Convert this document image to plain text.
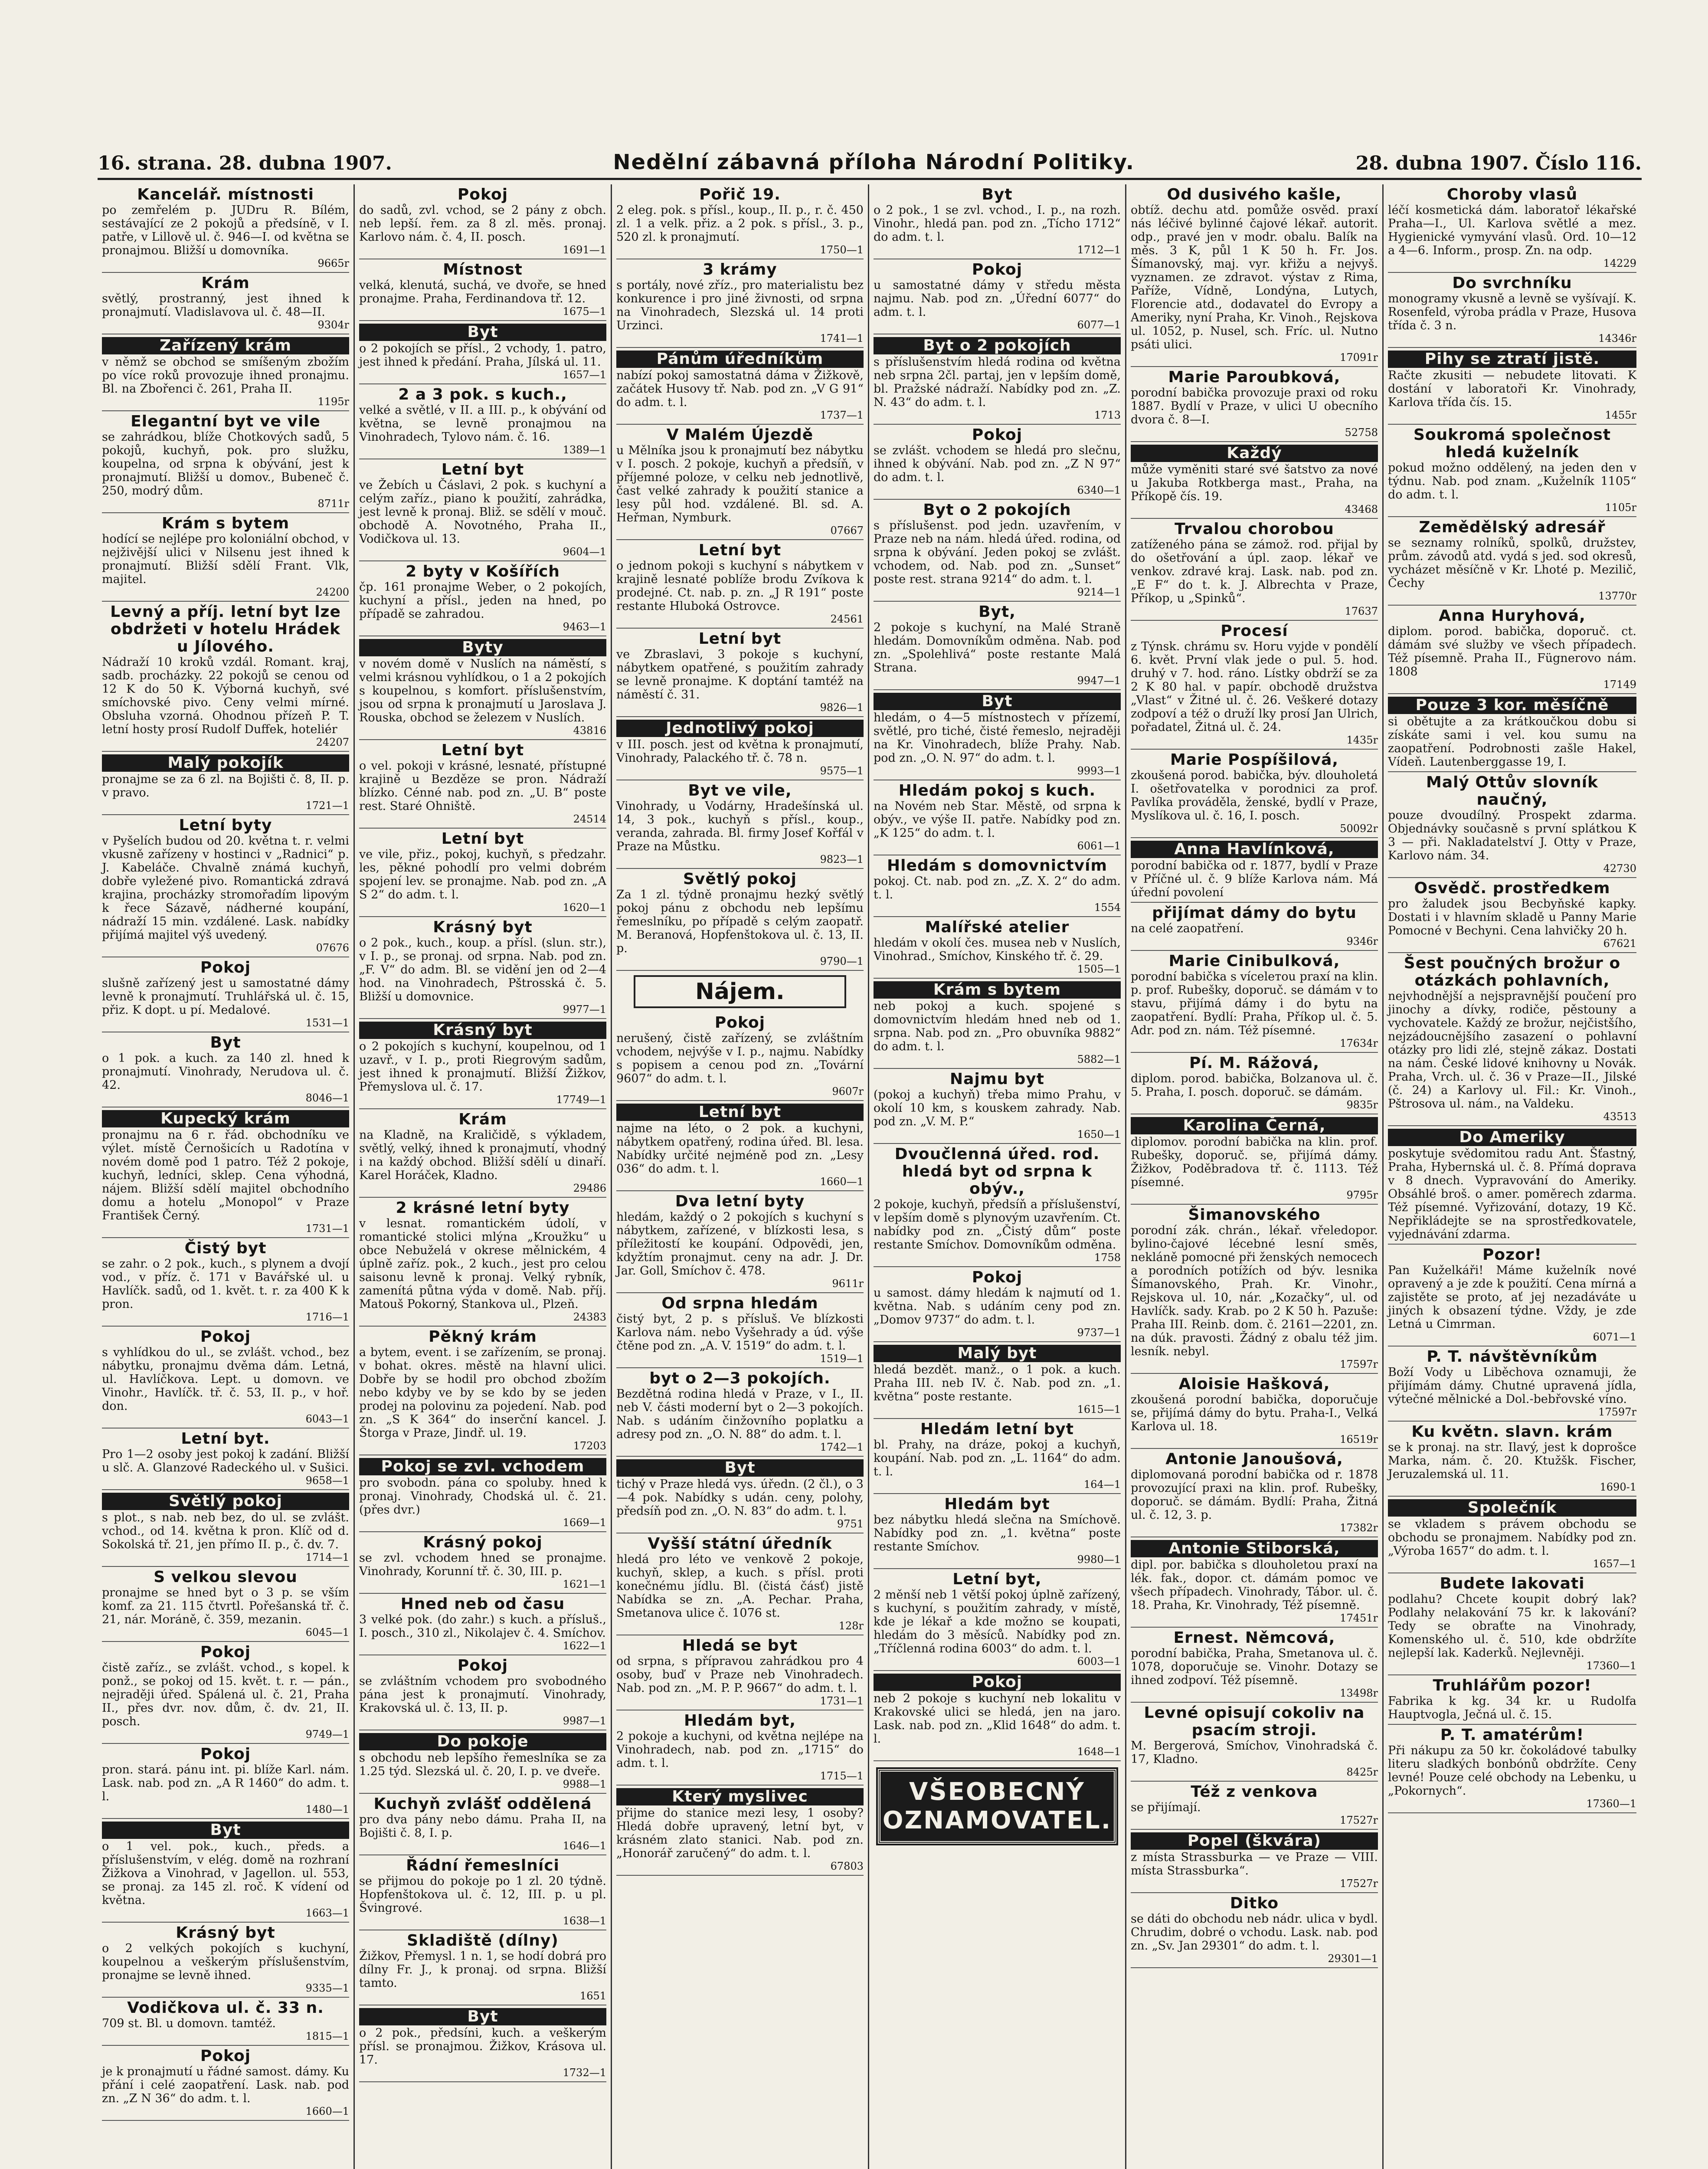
16. strana. 28. dubna 1907.	Nedělní zábavná příloha Národní Politiky.	28. dubna 1907. Číslo 116.
Kancelář. místnosti

po zemřelém p. JUDru R. Bílém, sestávající ze 2 pokojů a předsíně, v I. patře, v Lillově ul. č. 946—I. od května se pronajmou. Bližší u domovníka.

9665r

Krám

světlý, prostranný, jest ihned k pronajmutí. Vladislavova ul. č. 48—II.

9304r

Zařízený krám

v němž se obchod se smíšeným zbožím po více roků provozuje ihned pronajmu. Bl. na Zbořenci č. 261, Praha II.

1195r

Elegantní byt ve vile

se zahrádkou, blíže Chotkových sadů, 5 pokojů, kuchyň, pok. pro služku, koupelna, od srpna k obývání, jest k pronajmutí. Bližší u domov., Bubeneč č. 250, modrý dům.

8711r

Krám s bytem

hodící se nejlépe pro koloniální obchod, v nejživější ulici v Nilsenu jest ihned k pronajmutí. Bližší sdělí Frant. Vlk, majitel.

24200

Levný a příj. letní byt lze obdržeti v hotelu Hrádek u Jílového.

Nádraží 10 kroků vzdál. Romant. kraj, sadb. procházky. 22 pokojů se cenou od 12 K do 50 K. Výborná kuchyň, své smíchovské pivo. Ceny velmi mírné. Obsluha vzorná. Ohodnou přízeň P. T. letní hosty prosí Rudolf Duffek, hoteliér

24207

Malý pokojík

pronajme se za 6 zl. na Bojišti č. 8, II. p. v pravo.

1721—1

Letní byty

v Pyšelích budou od 20. května t. r. velmi vkusně zařízeny v hostinci v „Radnici“ p. J. Kabeláče. Chvalně známá kuchyň, dobře vyležené pivo. Romantická zdravá krajina, procházky stromořadím lipovým k řece Sázavě, nádherné koupání, nádraží 15 min. vzdálené. Lask. nabídky přijímá majitel výš uvedený.

07676

Pokoj

slušně zařízený jest u samostatné dámy levně k pronajmutí. Truhlářská ul. č. 15, přiz. K dopt. u pí. Medalové.

1531—1

Byt

o 1 pok. a kuch. za 140 zl. hned k pronajmutí. Vinohrady, Nerudova ul. č. 42.

8046—1

Kupecký krám

pronajmu na 6 r. řád. obchodníku ve výlet. místě Černošicích u Radotína v novém domě pod 1 patro. Též 2 pokoje, kuchyň, ledníci, sklep. Cena výhodná, nájem. Bližší sdělí majitel obchodního domu a hotelu „Monopol“ v Praze František Černý.

1731—1

Čistý byt

se zahr. o 2 pok., kuch., s plynem a dvojí vod., v příz. č. 171 v Bavářské ul. u Havlíčk. sadů, od 1. květ. t. r. za 400 K k pron.

1716—1

Pokoj

s vyhlídkou do ul., se zvlášt. vchod., bez nábytku, pronajmu dvěma dám. Letná, ul. Havlíčkova. Lept. u domovn. ve Vinohr., Havlíčk. tř. č. 53, II. p., v hoř. don.

6043—1

Letní byt.

Pro 1—2 osoby jest pokoj k zadání. Bližší u slč. A. Glanzové Radeckého ul. v Sušici.

9658—1

Světlý pokoj

s plot., s nab. neb bez, do ul. se zvlášt. vchod., od 14. května k pron. Klíč od d. Sokolská tř. 21, jen přímo II. p., č. dv. 7.

1714—1

S velkou slevou

pronajme se hned byt o 3 p. se vším komf. za 21. 115 čtvrtl. Pořešanská tř. č. 21, nár. Moráně, č. 359, mezanin.

6045—1

Pokoj

čistě zaříz., se zvlášt. vchod., s kopel. k ponž., se pokoj od 15. květ. t. r. — pán., nejraději úřed. Spálená ul. č. 21, Praha II., přes dvr. nov. dům, č. dv. 21, II. posch.

9749—1

Pokoj

pron. stará. pánu int. pi. blíže Karl. nám. Lask. nab. pod zn. „A R 1460“ do adm. t. l.

1480—1

Byt

o 1 vel. pok., kuch., předs. a příslušenstvím, v elég. domě na rozhraní Žižkova a Vinohrad, v Jagellon. ul. 553, se pronaj. za 145 zl. roč. K vídení od května.

1663—1

Krásný byt

o 2 velkých pokojích s kuchyní, koupelnou a veškerým příslušenstvím, pronajme se levně ihned.

9335—1

Vodičkova ul. č. 33 n.

709 st. Bl. u domovn. tamtéž.

1815—1

Pokoj

je k pronajmutí u řádné samost. dámy. Ku přání i celé zaopatření. Lask. nab. pod zn. „Z N 36“ do adm. t. l.

1660—1

Pokoj

do sadů, zvl. vchod, se 2 pány z obch. neb lepší. řem. za 8 zl. měs. pronaj. Karlovo nám. č. 4, II. posch.

1691—1

Místnost

velká, klenutá, suchá, ve dvoře, se hned pronajme. Praha, Ferdinandova tř. 12.

1675—1

Byt

o 2 pokojích se přísl., 2 vchody, 1. patro, jest ihned k předání. Praha, Jílská ul. 11.

1657—1

2 a 3 pok. s kuch.,

velké a světlé, v II. a III. p., k obývání od května, se levně pronajmou na Vinohradech, Tylovo nám. č. 16.

1389—1

Letní byt

ve Žebích u Čáslavi, 2 pok. s kuchyní a celým zaříz., piano k použití, zahrádka, jest levně k pronaj. Bliž. se sdělí v mouč. obchodě A. Novotného, Praha II., Vodičkova ul. 13.

9604—1

2 byty v Košířích

čp. 161 pronajme Weber, o 2 pokojích, kuchyní a přísl., jeden na hned, po případě se zahradou.

9463—1

Byty

v novém domě v Nuslích na náměstí, s velmi krásnou vyhlídkou, o 1 a 2 pokojích s koupelnou, s komfort. příslušenstvím, jsou od srpna k pronajmutí u Jaroslava J. Rouska, obchod se železem v Nuslích.

43816

Letní byt

o vel. pokoji v krásné, lesnaté, přístupné krajině u Bezděze se pron. Nádraží blízko. Cénné nab. pod zn. „U. B“ poste rest. Staré Ohniště.

24514

Letní byt

ve vile, přiz., pokoj, kuchyň, s předzahr. les, pěkné pohodlí pro velmi dobrém spojení lev. se pronajme. Nab. pod zn. „A S 2“ do adm. t. l.

1620—1

Krásný byt

o 2 pok., kuch., koup. a přísl. (slun. str.), v I. p., se pronaj. od srpna. Nab. pod zn. „F. V“ do adm. Bl. se vidění jen od 2—4 hod. na Vinohradech, Pštrosská č. 5. Bližší u domovnice.

9977—1

Krásný byt

o 2 pokojích s kuchyní, koupelnou, od 1 uzavř., v I. p., proti Riegrovým sadům, jest ihned k pronajmutí. Bližší Žižkov, Přemyslova ul. č. 17.

17749—1

Krám

na Kladně, na Kraličidě, s výkladem, světlý, velký, ihned k pronajmutí, vhodný i na každý obchod. Bližší sdělí u dinaří. Karel Horáček, Kladno.

29486

2 krásné letní byty

v lesnat. romantickém údolí, v romantické stolici mlýna „Kroužku“ u obce Nebuželá v okrese mělnickém, 4 úplně zaříz. pok., 2 kuch., jest pro celou saisonu levně k pronaj. Velký rybník, zamenítá půtna výda v domě. Nab. příj. Matouš Pokorný, Stankova ul., Plzeň.

24383

Pěkný krám

a bytem, event. i se zařízením, se pronaj. v bohat. okres. městě na hlavní ulici. Dobře by se hodil pro obchod zbožím nebo kdyby ve by se kdo by se jeden prodej na polovinu za pojedení. Nab. pod zn. „S K 364“ do inserční kancel. J. Štorga v Praze, Jindř. ul. 19.

17203

Pokoj se zvl. vchodem

pro svobodn. pána co spoluby. hned k pronaj. Vinohrady, Chodská ul. č. 21. (přes dvr.)

1669—1

Krásný pokoj

se zvl. vchodem hned se pronajme. Vinohrady, Korunní tř. č. 30, III. p.

1621—1

Hned neb od času

3 velké pok. (do zahr.) s kuch. a přísluš., I. posch., 310 zl., Nikolajev č. 4. Smíchov.

1622—1

Pokoj

se zvláštním vchodem pro svobodného pána jest k pronajmutí. Vinohrady, Krakovská ul. č. 13, II. p.

9987—1

Do pokoje

s obchodu neb lepšího řemeslníka se za 1.25 týd. Slezská ul. č. 20, I. p. ve dveře.

9988—1

Kuchyň zvlášť oddělená

pro dva pány nebo dámu. Praha II, na Bojišti č. 8, I. p.

1646—1

Řádní řemeslníci

se přijmou do pokoje po 1 zl. 20 týdně. Hopfenštokova ul. č. 12, III. p. u pl. Švingrové.

1638—1

Skladiště (dílny)

Žižkov, Přemysl. 1 n. 1, se hodí dobrá pro dílny Fr. J., k pronaj. od srpna. Bližší tamto.

1651

Byt

o 2 pok., předsíni, kuch. a veškerým přísl. se pronajmou. Žižkov, Krásova ul. 17.

1732—1

Pořič 19.

2 eleg. pok. s přísl., koup., II. p., r. č. 450 zl. 1 a velk. přiz. a 2 pok. s přísl., 3. p., 520 zl. k pronajmutí.

1750—1

3 krámy

s portály, nové zříz., pro materialistu bez konkurence i pro jiné živnosti, od srpna na Vinohradech, Slezská ul. 14 proti Urzinci.

1741—1

Pánům úředníkům

nabízí pokoj samostatná dáma v Žižkově, začátek Husovy tř. Nab. pod zn. „V G 91“ do adm. t. l.

1737—1

V Malém Újezdě

u Mělníka jsou k pronajmutí bez nábytku v I. posch. 2 pokoje, kuchyň a předsíň, v příjemné poloze, v celku neb jednotlivě, čast velké zahrady k použití stanice a lesy půl hod. vzdálené. Bl. sd. A. Heřman, Nymburk.

07667

Letní byt

o jednom pokoji s kuchyní s nábytkem v krajině lesnaté poblíže brodu Zvíkova k prodejné. Ct. nab. p. zn. „J R 191“ poste restante Hluboká Ostrovce.

24561

Letní byt

ve Zbraslavi, 3 pokoje s kuchyní, nábytkem opatřené, s použitím zahrady se levně pronajme. K doptání tamtéž na náměstí č. 31.

9826—1

Jednotlivý pokoj

v III. posch. jest od května k pronajmutí, Vinohrady, Palackého tř. č. 78 n.

9575—1

Byt ve vile,

Vinohrady, u Vodárny, Hradešínská ul. 14, 3 pok., kuchyň s přísl., koup., veranda, zahrada. Bl. firmy Josef Kořfál v Praze na Můstku.

9823—1

Světlý pokoj

Za 1 zl. týdně pronajmu hezký světlý pokoj pánu z obchodu neb lepšímu řemeslníku, po případě s celým zaopatř. M. Beranová, Hopfenštokova ul. č. 13, II. p.

9790—1

Nájem.
Pokoj

nerušený, čistě zařízený, se zvláštním vchodem, nejvýše v I. p., najmu. Nabídky s popisem a cenou pod zn. „Tovární 9607“ do adm. t. l.

9607r

Letní byt

najme na léto, o 2 pok. a kuchyni, nábytkem opatřený, rodina úřed. Bl. lesa. Nabídky určité nejméně pod zn. „Lesy 036“ do adm. t. l.

1660—1

Dva letní byty

hledám, každý o 2 pokojích s kuchyní s nábytkem, zařízené, v blízkosti lesa, s příležitostí ke koupání. Odpovědi, jen, kdyžtím pronajmut. ceny na adr. J. Dr. Jar. Goll, Smíchov č. 478.

9611r

Od srpna hledám

čistý byt, 2 p. s přísluš. Ve blízkosti Karlova nám. nebo Vyšehrady a úd. výše čtěne pod zn. „A. V. 1519“ do adm. t. l.

1519—1

byt o 2—3 pokojích.

Bezdětná rodina hledá v Praze, v I., II. neb V. části moderní byt o 2—3 pokojích. Nab. s udáním činžovního poplatku a adresy pod zn. „O. N. 88“ do adm. t. l.

1742—1

Byt

tichý v Praze hledá vys. úředn. (2 čl.), o 3—4 pok. Nabídky s udán. ceny, polohy, předsíň pod zn. „O. N. 83“ do adm. t. l.

9751

Vyšší státní úředník

hledá pro léto ve venkově 2 pokoje, kuchyň, sklep, a kuch. s přísl. proti konečnému jídlu. Bl. (čistá čásť) jistě Nabídka se zn. „A. Pechar. Praha, Smetanova ulice č. 1076 st.

128r

Hledá se byt

od srpna, s přípravou zahrádkou pro 4 osoby, buď v Praze neb Vinohradech. Nab. pod zn. „M. P. P. 9667“ do adm. t. l.

1731—1

Hledám byt,

2 pokoje a kuchyni, od května nejlépe na Vinohradech, nab. pod zn. „1715“ do adm. t. l.

1715—1

Který myslivec

přijme do stanice mezi lesy, 1 osoby? Hledá dobře upravený, letní byt, v krásném zlato stanici. Nab. pod zn. „Honorář zaručený“ do adm. t. l.

67803

Byt

o 2 pok., 1 se zvl. vchod., I. p., na rozh. Vinohr., hledá pan. pod zn. „Tícho 1712“ do adm. t. l.

1712—1

Pokoj

u samostatné dámy v středu města najmu. Nab. pod zn. „Úřední 6077“ do adm. t. l.

6077—1

Byt o 2 pokojích

s příslušenstvím hledá rodina od května neb srpna 2čl. partaj, jen v lepším domě, bl. Pražské nádraží. Nabídky pod zn. „Z. N. 43“ do adm. t. l.

1713

Pokoj

se zvlášt. vchodem se hledá pro slečnu, ihned k obývání. Nab. pod zn. „Z N 97“ do adm. t. l.

6340—1

Byt o 2 pokojích

s příslušenst. pod jedn. uzavřením, v Praze neb na nám. hledá úřed. rodina, od srpna k obývání. Jeden pokoj se zvlášt. vchodem, od. Nab. pod zn. „Sunset“ poste rest. strana 9214“ do adm. t. l.

9214—1

Byt,

2 pokoje s kuchyní, na Malé Straně hledám. Domovníkům odměna. Nab. pod zn. „Spolehlivá“ poste restante Malá Strana.

9947—1

Byt

hledám, o 4—5 místnostech v přízemí, světlé, pro tiché, čisté řemeslo, nejraději na Kr. Vinohradech, blíže Prahy. Nab. pod zn. „O. N. 97“ do adm. t. l.

9993—1

Hledám pokoj s kuch.

na Novém neb Star. Městě, od srpna k obýv., ve výše II. patře. Nabídky pod zn. „K 125“ do adm. t. l.

6061—1

Hledám s domovnictvím

pokoj. Ct. nab. pod zn. „Z. X. 2“ do adm. t. l.

1554

Malířské atelier

hledám v okolí čes. musea neb v Nuslích, Vinohrad., Smíchov, Kinského tř. č. 29.

1505—1

Krám s bytem

neb pokoj a kuch. spojené s domovnictvím hledám hned neb od 1. srpna. Nab. pod zn. „Pro obuvníka 9882“ do adm. t. l.

5882—1

Najmu byt

(pokoj a kuchyň) třeba mimo Prahu, v okolí 10 km, s kouskem zahrady. Nab. pod zn. „V. M. P.“

1650—1

Dvoučlenná úřed. rod. hledá byt od srpna k obýv.,

2 pokoje, kuchyň, předsíň a příslušenství, v lepším domě s plynovým uzavřením. Ct. nabídky pod zn. „Čistý dům“ poste restante Smíchov. Domovníkům odměna.

1758

Pokoj

u samost. dámy hledám k najmutí od 1. května. Nab. s udáním ceny pod zn. „Domov 9737“ do adm. t. l.

9737—1

Malý byt

hledá bezdět. manž., o 1 pok. a kuch. Praha III. neb IV. č. Nab. pod zn. „1. května“ poste restante.

1615—1

Hledám letní byt

bl. Prahy, na dráze, pokoj a kuchyň, koupání. Nab. pod zn. „L. 1164“ do adm. t. l.

164—1

Hledám byt

bez nábytku hledá slečna na Smíchově. Nabídky pod zn. „1. května“ poste restante Smíchov.

9980—1

Letní byt,

2 měnší neb 1 větší pokoj úplně zařízený, s kuchyní, s použitím zahrady, v místě, kde je lékař a kde možno se koupati, hledám do 3 měsíců. Nabídky pod zn. „Tříčlenná rodina 6003“ do adm. t. l.

6003—1

Pokoj

neb 2 pokoje s kuchyní neb lokalitu v Krakovské ulici se hledá, jen na jaro. Lask. nab. pod zn. „Klid 1648“ do adm. t. l.

1648—1

VŠEOBECNÝ
OZNAMOVATEL.
Od dusivého kašle,

obtíž. dechu atd. pomůže osvěd. praxí nás léčivé bylinné čajové lékař. autorit. odp., pravé jen v modr. obalu. Balík na měs. 3 K, půl 1 K 50 h. Fr. Jos. Šímanovský, maj. vyr. křižu a nejvyš. vyznamen. ze zdravot. výstav z Rima, Paříže, Vídně, Londýna, Lutych, Florencie atd., dodavatel do Evropy a Ameriky, nyní Praha, Kr. Vinoh., Rejskova ul. 1052, p. Nusel, sch. Fríc. ul. Nutno psáti ulici.

17091r

Marie Paroubková,

porodní babička provozuje praxi od roku 1887. Bydlí v Praze, v ulici U obecního dvora č. 8—I.

52758

Každý

může vyměniti staré své šatstvo za nové u Jakuba Rotkberga mast., Praha, na Příkopě čís. 19.

43468

Trvalou chorobou

zatíženého pána se zámož. rod. přijal by do ošetřování a úpl. zaop. lékař ve venkov. zdravé kraj. Lask. nab. pod zn. „E F“ do t. k. J. Albrechta v Praze, Příkop, u „Spinků“.

17637

Procesí

z Týnsk. chrámu sv. Horu vyjde v pondělí 6. květ. První vlak jede o pul. 5. hod. druhý v 7. hod. ráno. Lístky obdrží se za 2 K 80 hal. v papír. obchodě družstva „Vlast“ v Žitné ul. č. 26. Veškeré dotazy zodpoví a též o druží lky prosí Jan Ulrich, pořadatel, Žitná ul. č. 24.

1435r

Marie Pospíšilová,

zkoušená porod. babička, býv. dlouholetá I. ošetřovatelkа v porodnici za prof. Pavlíka prováděla, ženské, bydlí v Praze, Myslíkova ul. č. 16, I. posch.

50092r

Anna Havlínková,

porodní babička od r. 1877, bydlí v Praze v Příčné ul. č. 9 blíže Karlova nám. Má úřední povolení

přijímat dámy do bytu

na celé zaopatření.

9346r

Marie Cinibulková,

porodní babička s vícelетou praxí na klin. p. prof. Rubešky, doporuč. se dámám v to stavu, přijímá dámy i do bytu na zaopatření. Bydlí: Praha, Příkop ul. č. 5. Adr. pod zn. nám. Též písemné.

17634r

Pí. M. Rážová,

diplom. porod. babička, Bolzanova ul. č. 5. Praha, I. posch. doporuč. se dámám.

9835r

Karolina Černá,

diplomov. porodní babička na klin. prof. Rubešky, doporuč. se, přijímá dámy. Žižkov, Poděbradova tř. č. 1113. Též písemné.

9795r

Šimanovského

porodní zák. chrán., lékař. vřeledopor. bylino-čajové lécebné lesní směs, nekláně pomocné při ženských nemocech a porodních potížích od býv. lesnika Šímanovského, Prah. Kr. Vinohr., Rejskova ul. 10, nár. „Kozačky“, ul. od Havlíčk. sady. Krab. po 2 K 50 h. Pazuše: Praha III. Reinb. dom. č. 2161—2201, zn. na dúk. pravosti. Žádný z obalu též jim. lesník. nebyl.

17597r

Aloisie Hašková,

zkoušená porodní babička, doporučuje se, přijímá dámy do bytu. Praha-I., Velká Karlova ul. 18.

16519r

Antonie Janoušová,

diplomovaná porodní babička od r. 1878 provozující praxi na klin. prof. Rubešky, doporuč. se dámám. Bydlí: Praha, Žitná ul. č. 12, 3. p.

17382r

Antonie Stiborská,

dipl. por. babička s dlouholetou praxí na lék. fak., dopor. ct. dámám pomoc ve všech případech. Vinohrady, Tábor. ul. č. 18. Praha, Kr. Vinohrady, Též písemně.

17451r

Ernest. Němcová,

porodní babička, Praha, Smetanova ul. č. 1078, doporučuje se. Vinohr. Dotazy se ihned zodpoví. Též písemně.

13498r

Levné opisují cokoliv na psacím stroji.

M. Bergerová, Smíchov, Vinohradská č. 17, Kladno.

8425r

Též z venkova

se přijímají.

17527r

Popel (škvára)

z místa Strassburka — ve Praze — VIII. místa Strassburka“.

17527r

Ditko

se dáti do obchodu neb nádr. ulica v bydl. Chrudim, dobré o vchodu. Lask. nab. pod zn. „Sv. Jan 29301“ do adm. t. l.

29301—1

Choroby vlasů

léčí kosmetická dám. laboratoř lékařské Praha—I., Ul. Karlova světlé a mez. Hygienické vymyvání vlasů. Ord. 10—12 a 4—6. Inform., prosp. Zn. na odp.

14229

Do svrchníku

monogramy vkusně a levně se vyšívají. K. Rosenfeld, výroba prádla v Praze, Husova třída č. 3 n.

14346r

Pihy se ztratí jistě.

Račte zkusiti — nebudete litovati. K dostání v laboratoři Kr. Vinohrady, Karlova třída čís. 15.

1455r

Soukromá společnost hledá kuželník

pokud možno oddělený, na jeden den v týdnu. Nab. pod znam. „Kuželník 1105“ do adm. t. l.

1105r

Zemědělský adresář

se seznamy rolníků, spolků, družstev, prům. závodů atd. vydá s jed. sod okresů, vycházet měsíčně v Kr. Lhoté p. Mezilič, Čechy

13770r

Anna Huryhová,

diplom. porod. babička, doporuč. ct. dámám své služby ve všech případech. Též písemně. Praha II., Fügnerovo nám. 1808

17149

Pouze 3 kor. měsíčně

si obětujte a za krátkoučkou dobu si získáte sami i vel. kou sumu na zaopatření. Podrobnosti zašle Hakel, Vídeň. Lautenberggasse 19, I.

Malý Ottův slovník naučný,

pouze dvoudílný. Prospekt zdarma. Objednávky současně s první splátkou K 3 — při. Nakladatelství J. Otty v Praze, Karlovo nám. 34.

42730

Osvědč. prostředkem

pro žaludek jsou Becbyňské kapky. Dostati i v hlavním skladě u Panny Marie Pomocné v Bechyni. Cena lahvičky 20 h.

67621

Šest poučných brožur o otázkách pohlavních,

nejvhodnější a nejspravnější poučení pro jinochy a dívky, rodiče, pěstouny a vychovatele. Každý ze brožur, nejčistšího, nejzádoucnějšího zasazení o pohlavní otázky pro lidi zlé, stejně zákaz. Dostati na nám. České lidové knihovny u Novák. Praha, Vrch. ul. č. 36 v Praze—II., Jilské (č. 24) a Karlovy ul. Fil.: Kr. Vinoh., Pštrosova ul. nám., na Valdeku.

43513

Do Ameriky

poskytuje svědomitou radu Ant. Šťastný, Praha, Hybernská ul. č. 8. Přímá doprava v 8 dnech. Vypravování do Ameriky. Obsáhlé broš. o amer. poměrech zdarma. Též písemné. Vyřizování, dotazy, 19 Kč. Nepřikládejte se na sprostředkovatele, vyjednávání zdarma.

Pozor!

Pan Kuželkáři! Máme kuželník nové opravený a je zde k použití. Cena mírná a zajistěte se proto, ať jej nezadáváte u jiných k obsazení týdne. Vždy, je zde Letná u Cimrman.

6071—1

P. T. návštěvníkům

Boží Vody u Liběchova oznamuji, že přijímám dámy. Chutné upravená jídla, výtečné mělnické a Dol.-bebřovské víno.

17597r

Ku květn. slavn. krám

se k pronaj. na str. Ilavý, jest k doprošce Marka, nám. č. 20. Ktužšk. Fischer, Jeruzalemská ul. 11.

1690-1

Společník

se vkladem s právem obchodu se obchodu se pronajmem. Nabídky pod zn. „Výroba 1657“ do adm. t. l.

1657—1

Budete lakovati

podlahu? Chcete koupit dobrý lak? Podlahy nelakování 75 kr. k lakování? Tedy se obraťte na Vinohrady, Komenského ul. č. 510, kde obdržíte nejlepší lak. Kaderků. Nejlevněji.

17360—1

Truhlářům pozor!

Fabrika k kg. 34 kr. u Rudolfa Hauptvogla, Ječná ul. č. 15.

P. T. amatérům!

Při nákupu za 50 kr. čokoládové tabulky literu sladkých bonbónů obdržíte. Ceny levné! Pouze celé obchody na Lebenku, u „Pokornych“.

17360—1
